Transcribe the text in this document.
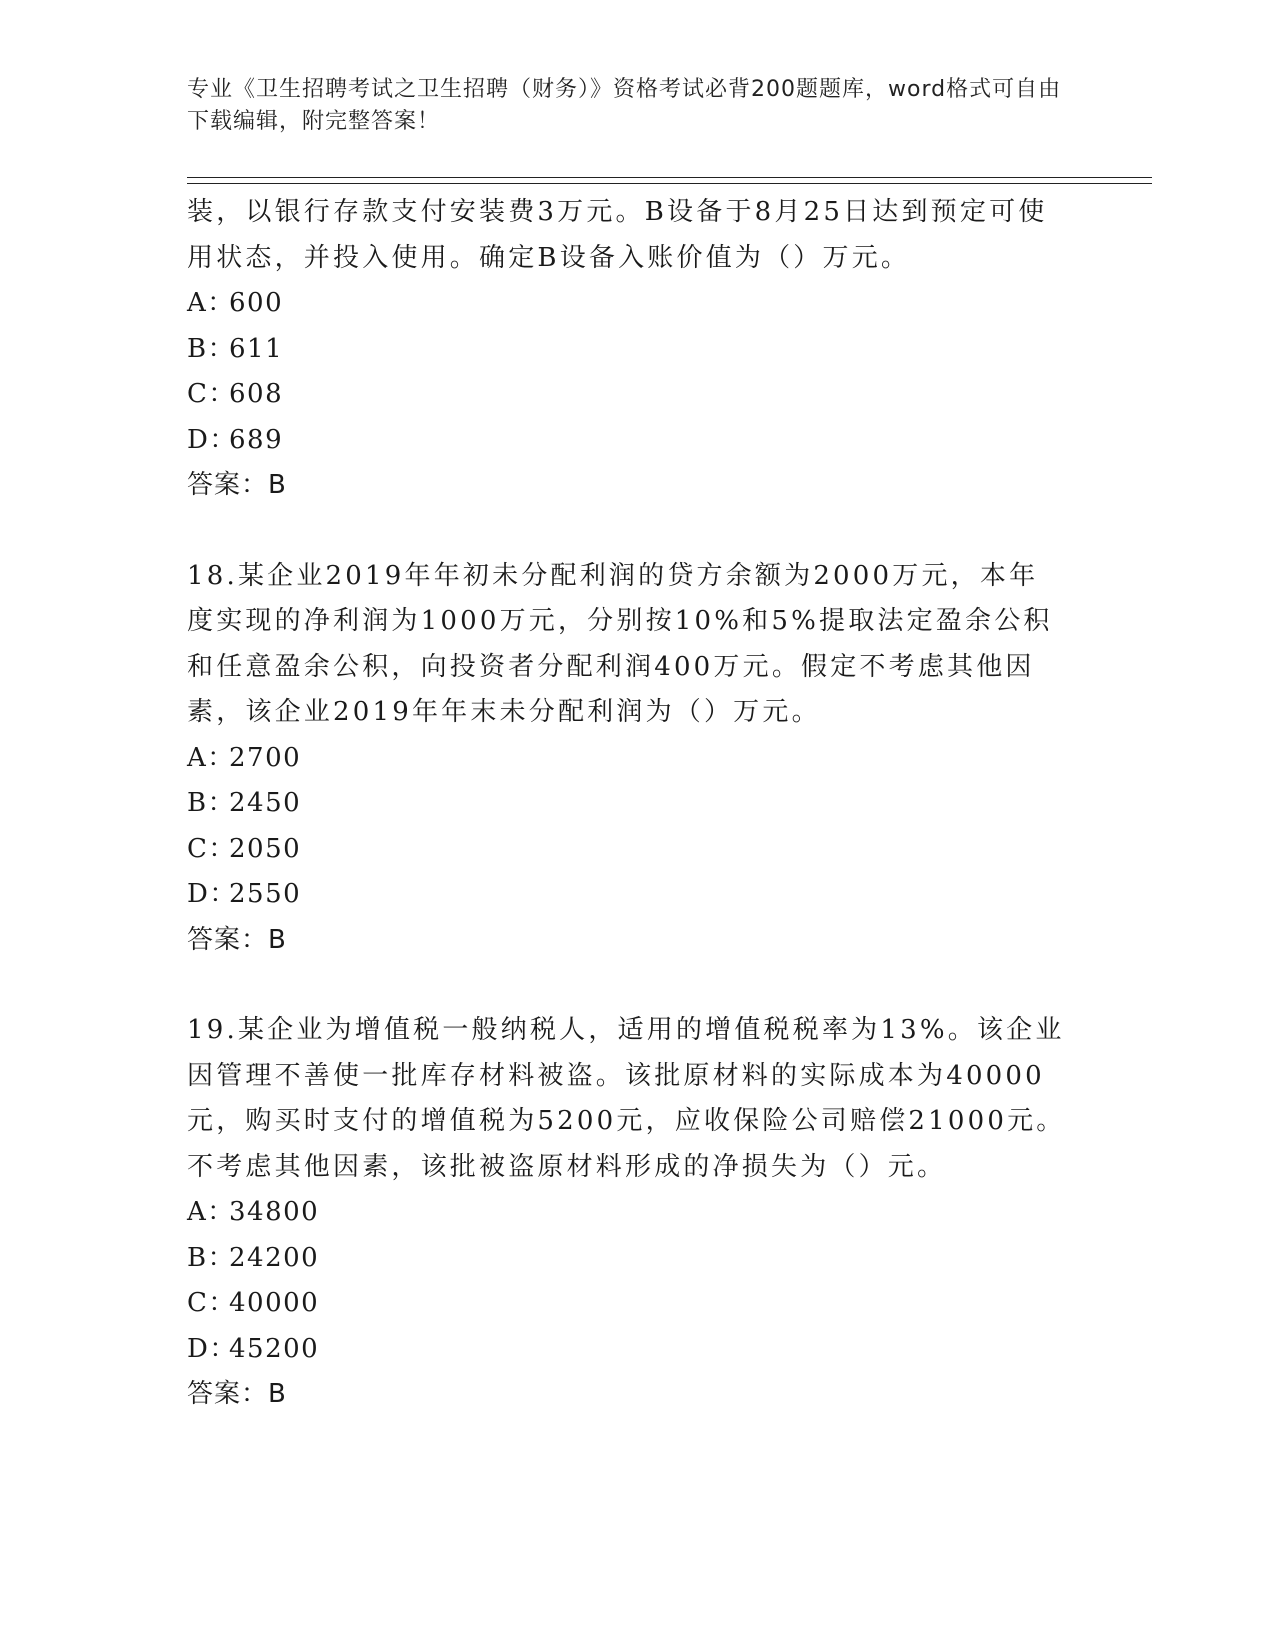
专业《卫生招聘考试之卫生招聘（财务）》资格考试必背200题题库，word格式可自由下载编辑，附完整答案！

装，以银行存款支付安装费3万元。B设备于8月25日达到预定可使用状态，并投入使用。确定B设备入账价值为（）万元。

A：600

B：611

C：608

D：689

答案：B

18.某企业2019年年初未分配利润的贷方余额为2000万元，本年度实现的净利润为1000万元，分别按10%和5%提取法定盈余公积和任意盈余公积，向投资者分配利润400万元。假定不考虑其他因素，该企业2019年年末未分配利润为（）万元。

A：2700

B：2450

C：2050

D：2550

答案：B

19.某企业为增值税一般纳税人，适用的增值税税率为13%。该企业因管理不善使一批库存材料被盗。该批原材料的实际成本为40000元，购买时支付的增值税为5200元，应收保险公司赔偿21000元。不考虑其他因素，该批被盗原材料形成的净损失为（）元。

A：34800

B：24200

C：40000

D：45200

答案：B
